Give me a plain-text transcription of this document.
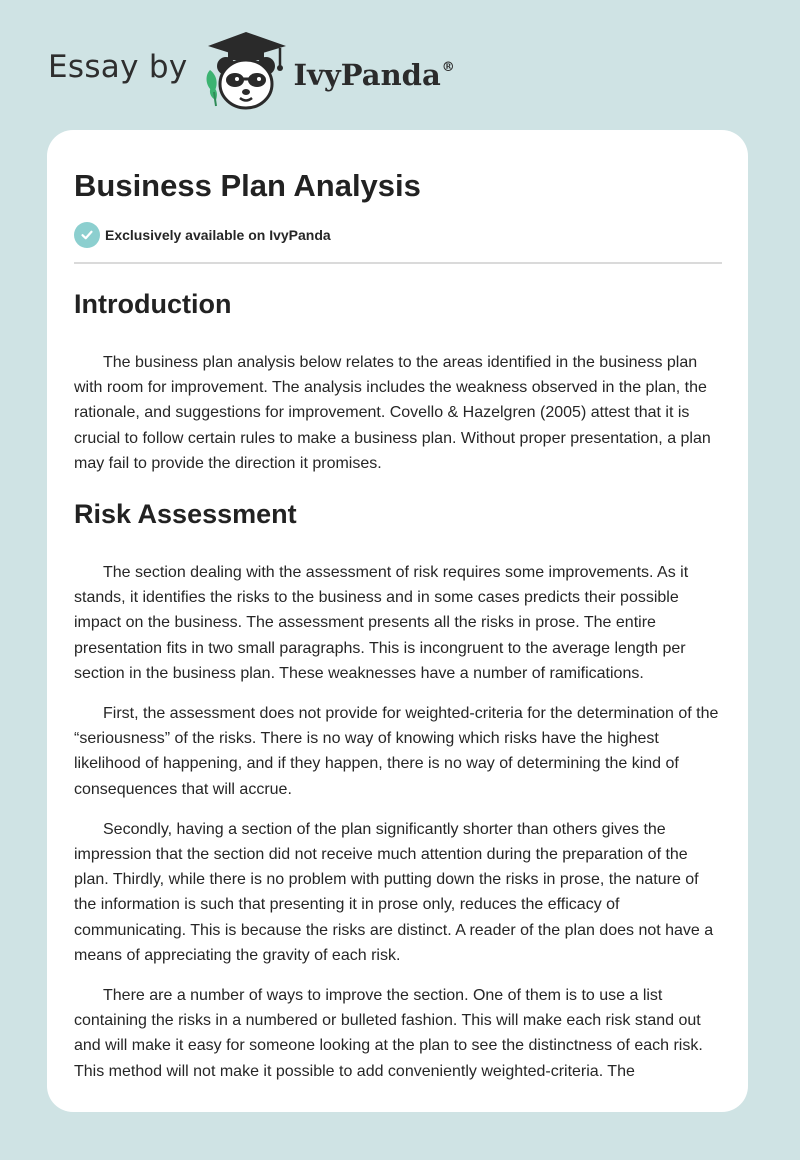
Essay by	IvyPanda®
Business Plan Analysis
Exclusively available on IvyPanda
Introduction

The business plan analysis below relates to the areas identified in the business plan with room for improvement. The analysis includes the weakness observed in the plan, the rationale, and suggestions for improvement. Covello & Hazelgren (2005) attest that it is crucial to follow certain rules to make a business plan. Without proper presentation, a plan may fail to provide the direction it promises.

Risk Assessment

The section dealing with the assessment of risk requires some improvements. As it stands, it identifies the risks to the business and in some cases predicts their possible impact on the business. The assessment presents all the risks in prose. The entire presentation fits in two small paragraphs. This is incongruent to the average length per section in the business plan. These weaknesses have a number of ramifications.

First, the assessment does not provide for weighted-criteria for the determination of the “seriousness” of the risks. There is no way of knowing which risks have the highest likelihood of happening, and if they happen, there is no way of determining the kind of consequences that will accrue.

Secondly, having a section of the plan significantly shorter than others gives the impression that the section did not receive much attention during the preparation of the plan. Thirdly, while there is no problem with putting down the risks in prose, the nature of the information is such that presenting it in prose only, reduces the efficacy of communicating. This is because the risks are distinct. A reader of the plan does not have a means of appreciating the gravity of each risk.

There are a number of ways to improve the section. One of them is to use a list containing the risks in a numbered or bulleted fashion. This will make each risk stand out and will make it easy for someone looking at the plan to see the distinctness of each risk. This method will not make it possible to add conveniently weighted-criteria. The
